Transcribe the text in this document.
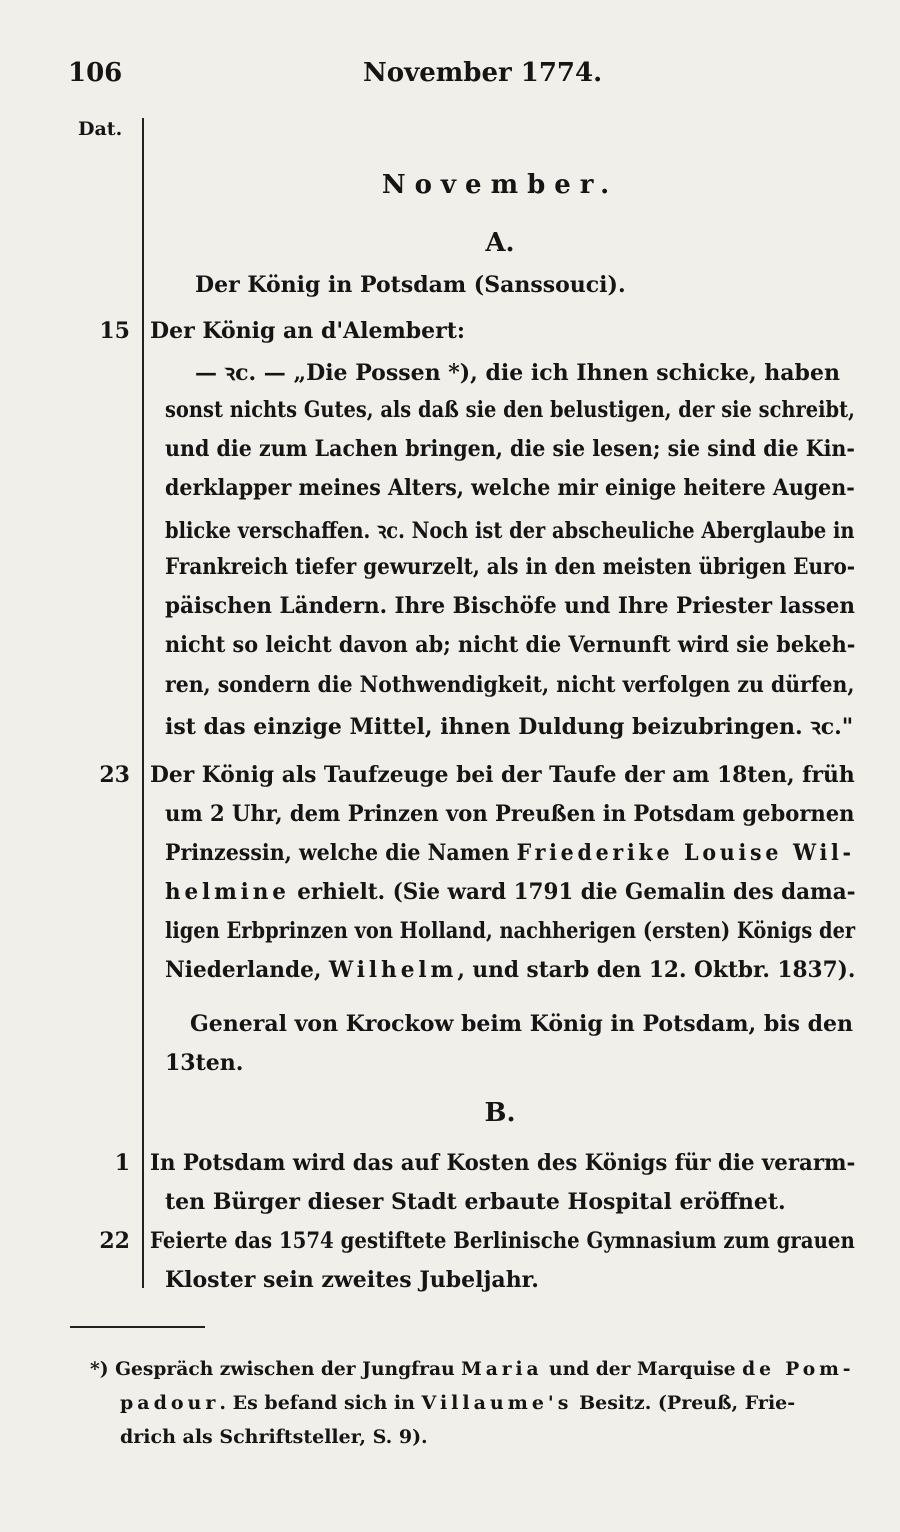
106	November 1774.
Dat.
November.
A.
Der König in Potsdam (Sanssouci).
15 Der König an d'Alembert:
— ꝛc. — „Die Possen *), die ich Ihnen schicke, haben
sonst nichts Gutes, als daß sie den belustigen, der sie schreibt,
und die zum Lachen bringen, die sie lesen; sie sind die Kin-
derklapper meines Alters, welche mir einige heitere Augen-
blicke verschaffen. ꝛc. Noch ist der abscheuliche Aberglaube in
Frankreich tiefer gewurzelt, als in den meisten übrigen Euro-
päischen Ländern. Ihre Bischöfe und Ihre Priester lassen
nicht so leicht davon ab; nicht die Vernunft wird sie bekeh-
ren, sondern die Nothwendigkeit, nicht verfolgen zu dürfen,
ist das einzige Mittel, ihnen Duldung beizubringen. ꝛc."
23 Der König als Taufzeuge bei der Taufe der am 18ten, früh
um 2 Uhr, dem Prinzen von Preußen in Potsdam gebornen
Prinzessin, welche die Namen Friederike Louise Wil-
helmine erhielt. (Sie ward 1791 die Gemalin des dama-
ligen Erbprinzen von Holland, nachherigen (ersten) Königs der
Niederlande, Wilhelm, und starb den 12. Oktbr. 1837).
General von Krockow beim König in Potsdam, bis den
13ten.
B.
1 In Potsdam wird das auf Kosten des Königs für die verarm-
ten Bürger dieser Stadt erbaute Hospital eröffnet.
22 Feierte das 1574 gestiftete Berlinische Gymnasium zum grauen
Kloster sein zweites Jubeljahr.
*) Gespräch zwischen der Jungfrau Maria und der Marquise de Pom-
padour. Es befand sich in Villaume's Besitz. (Preuß, Frie-
drich als Schriftsteller, S. 9).
